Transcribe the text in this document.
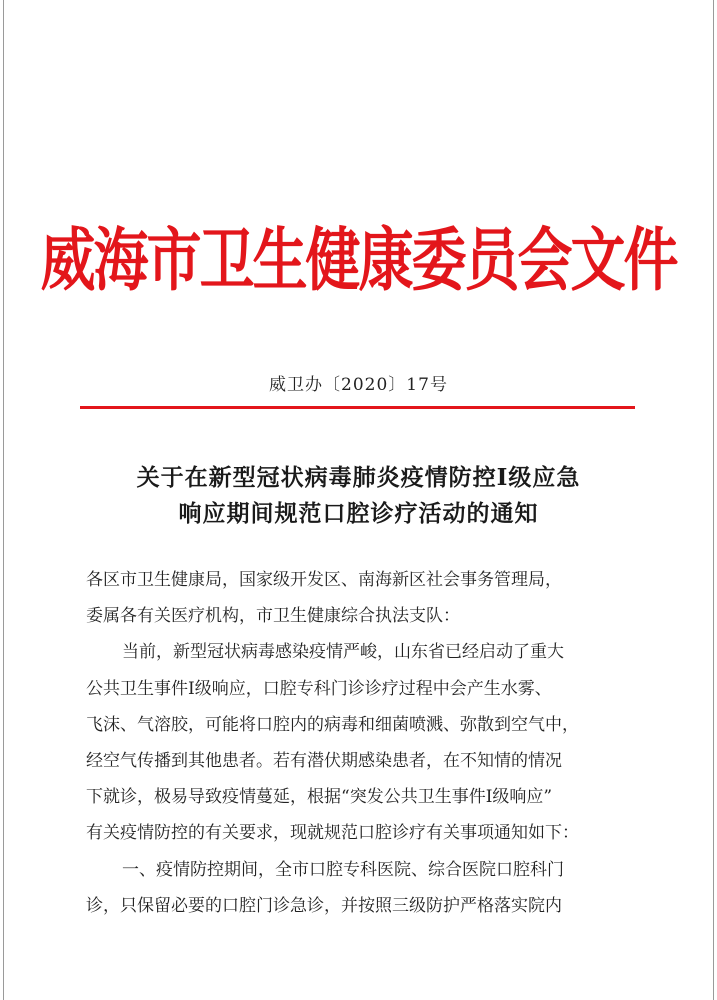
威海市卫生健康委员会文件
威卫办〔2020〕17号
关于在新型冠状病毒肺炎疫情防控Ⅰ级应急
响应期间规范口腔诊疗活动的通知

各区市卫生健康局，国家级开发区、南海新区社会事务管理局，

委属各有关医疗机构，市卫生健康综合执法支队：

当前，新型冠状病毒感染疫情严峻，山东省已经启动了重大

公共卫生事件Ⅰ级响应，口腔专科门诊诊疗过程中会产生水雾、

飞沫、气溶胶，可能将口腔内的病毒和细菌喷溅、弥散到空气中，

经空气传播到其他患者。若有潜伏期感染患者，在不知情的情况

下就诊，极易导致疫情蔓延，根据“突发公共卫生事件Ⅰ级响应”

有关疫情防控的有关要求，现就规范口腔诊疗有关事项通知如下：

一、疫情防控期间，全市口腔专科医院、综合医院口腔科门

诊，只保留必要的口腔门诊急诊，并按照三级防护严格落实院内
